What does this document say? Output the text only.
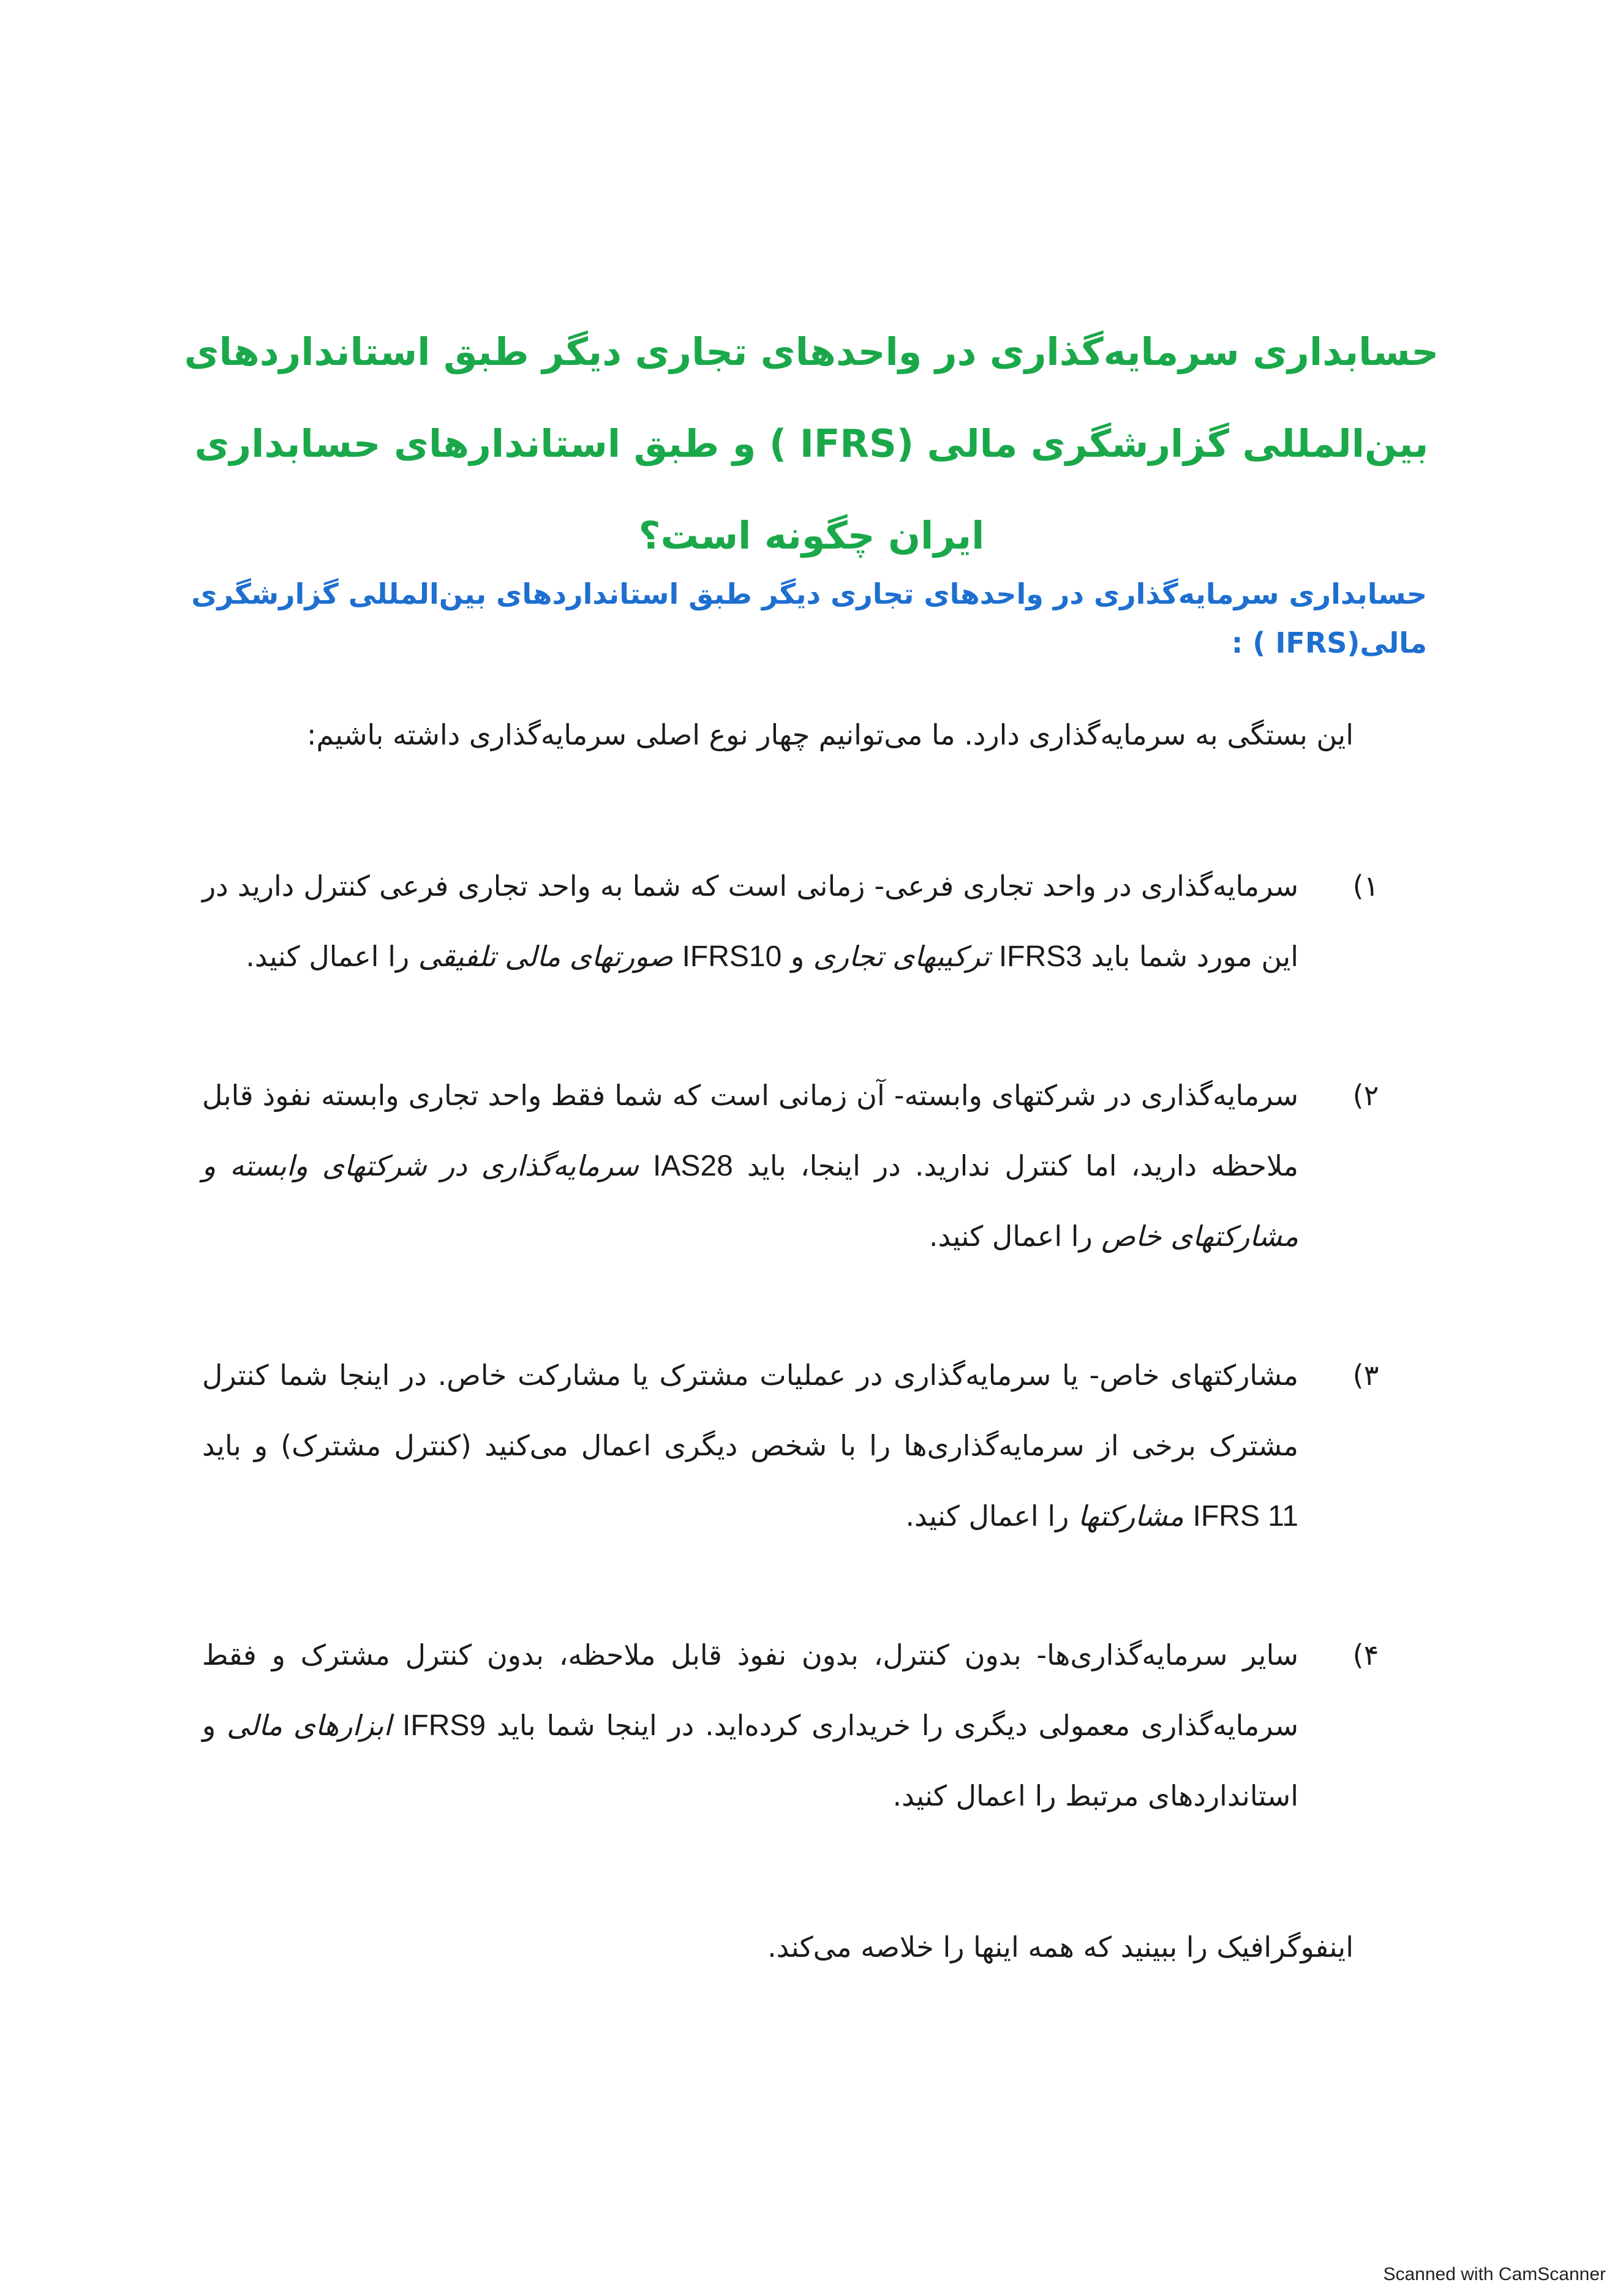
حسابداری سرمایه‌گذاری در واحدهای تجاری دیگر طبق استانداردهای بین‌المللی گزارشگری مالی (IFRS ) و طبق استاندارهای حسابداری ایران چگونه است؟
حسابداری سرمایه‌گذاری در واحدهای تجاری دیگر طبق استانداردهای بین‌المللی گزارشگری مالی(IFRS ) :

این بستگی به سرمایه‌گذاری دارد. ما می‌توانیم چهار نوع اصلی سرمایه‌گذاری داشته باشیم:

۱)
سرمایه‌گذاری در واحد تجاری فرعی- زمانی است که شما به واحد تجاری فرعی کنترل دارید در این مورد شما باید IFRS3 ترکیبهای تجاری و IFRS10 صورتهای مالی تلفیقی را اعمال کنید.
۲)
سرمایه‌گذاری در شرکتهای وابسته- آن زمانی است که شما فقط واحد تجاری وابسته نفوذ قابل ملاحظه دارید، اما کنترل ندارید. در اینجا، باید IAS28 سرمایه‌گذاری در شرکتهای وابسته و مشارکتهای خاص را اعمال کنید.
۳)
مشارکتهای خاص- یا سرمایه‌گذاری در عملیات مشترک یا مشارکت خاص. در اینجا شما کنترل مشترک برخی از سرمایه‌گذاری‌ها را با شخص دیگری اعمال می‌کنید (کنترل مشترک) و باید IFRS 11 مشارکتها را اعمال کنید.
۴)
سایر سرمایه‌گذاری‌ها- بدون کنترل، بدون نفوذ قابل ملاحظه، بدون کنترل مشترک و فقط سرمایه‌گذاری معمولی دیگری را خریداری کرده‌اید. در اینجا شما باید IFRS9 ابزارهای مالی و استانداردهای مرتبط را اعمال کنید.

اینفوگرافیک را ببینید که همه اینها را خلاصه می‌کند.

Scanned with CamScanner
